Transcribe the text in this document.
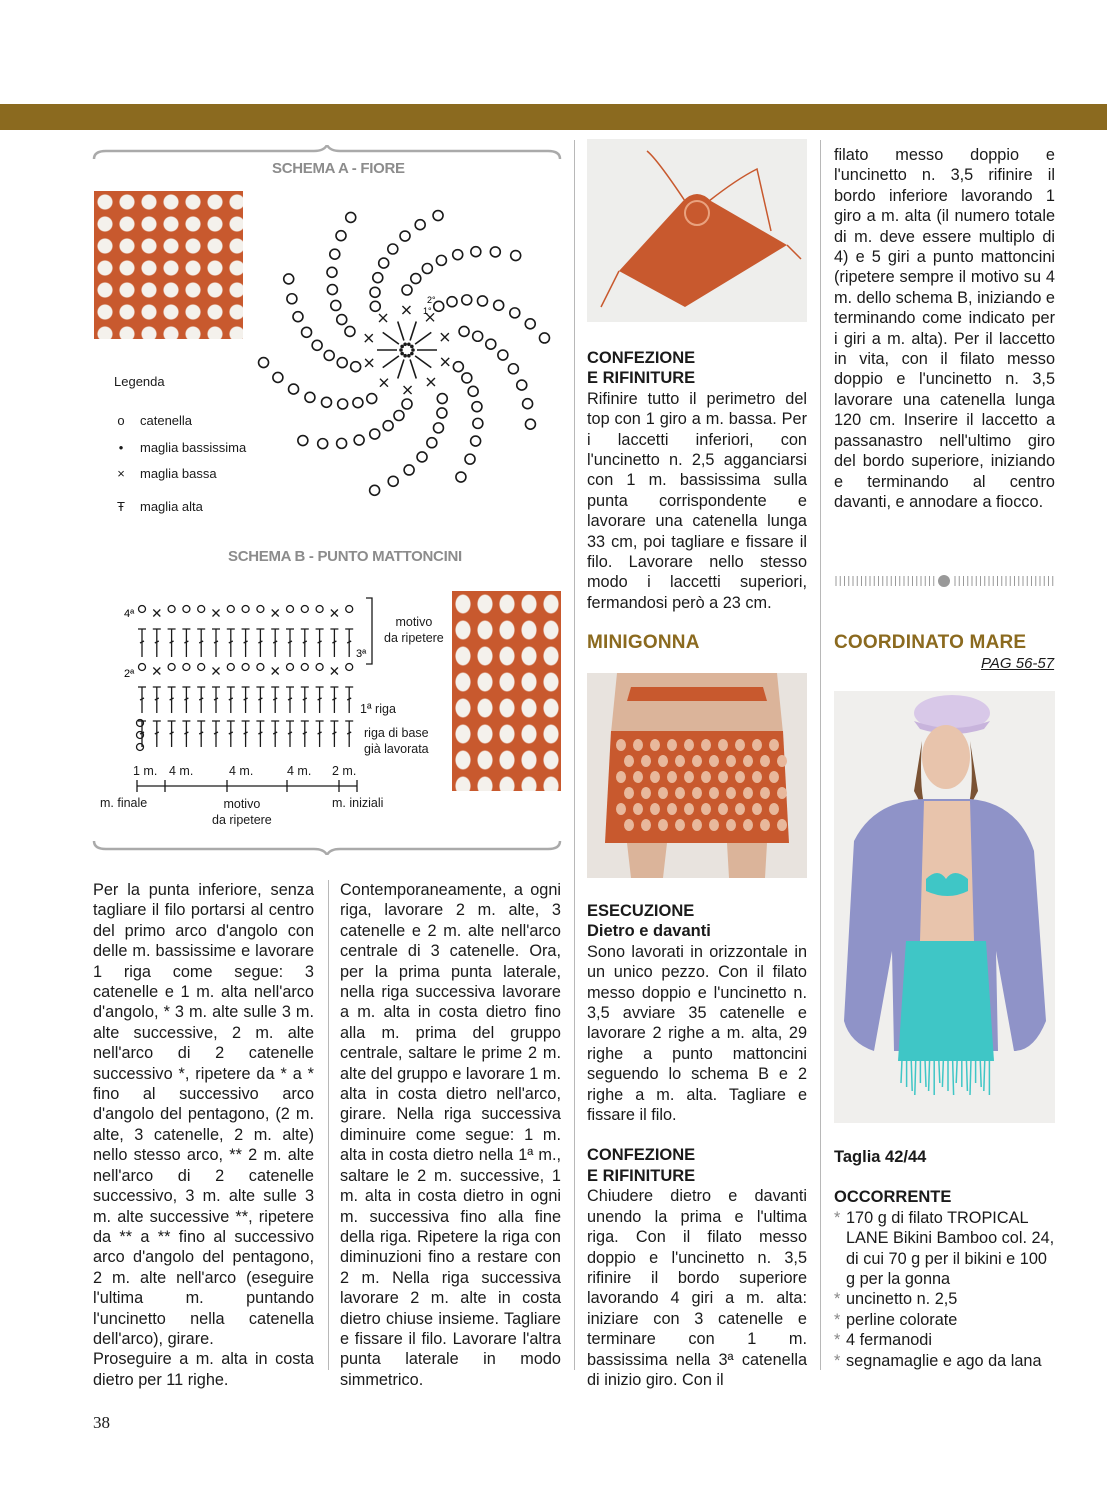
SCHEMA A - FIORE
2°
1°
Legenda
o catenella
•	maglia bassissima
× maglia bassa
Ŧ maglia alta
SCHEMA B - PUNTO MATTONCINI
4ª
2ª
3ª
motivo
da ripetere
1ª riga
riga di base
già lavorata
1 m. 4 m.	4 m.	4 m. 2 m.
m. finale	motivo
da ripetere
m. iniziali

Per la punta inferiore, senza tagliare il filo portarsi al centro del primo arco d'angolo con delle m. bassissime e lavorare 1 riga come segue: 3 catenelle e 1 m. alta nell'arco d'angolo, * 3 m. alte sulle 3 m. alte successive, 2 m. alte nell'arco di 2 catenelle successivo *, ripetere da * a * fino al successivo arco d'angolo del pentagono, (2 m. alte, 3 catenelle, 2 m. alte) nello stesso arco, ** 2 m. alte nell'arco di 2 catenelle successivo, 3 m. alte sulle 3 m. alte successive **, ripetere da ** a ** fino al successivo arco d'angolo del pentagono, 2 m. alte nell'arco (eseguire l'ultima m. puntando l'uncinetto nella catenella dell'arco), girare.

Proseguire a m. alta in costa dietro per 11 righe.

Contemporaneamente, a ogni riga, lavorare 2 m. alte, 3 catenelle e 2 m. alte nell'arco centrale di 3 catenelle. Ora, per la prima punta laterale, nella riga successiva lavorare a m. alta in costa dietro fino alla m. prima del gruppo centrale, saltare le prime 2 m. alte del gruppo e lavorare 1 m. alta in costa dietro nell'arco, girare. Nella riga successiva diminuire come segue: 1 m. alta in costa dietro nella 1ª m., saltare le 2 m. successive, 1 m. alta in costa dietro in ogni m. successiva fino alla fine della riga. Ripetere la riga con diminuzioni fino a restare con 2 m. Nella riga successiva lavorare 2 m. alte in costa dietro chiuse insieme. Tagliare e fissare il filo. Lavorare l'altra punta laterale in modo simmetrico.

CONFEZIONE
E RIFINITURE

Rifinire tutto il perimetro del top con 1 giro a m. bassa. Per i laccetti inferiori, con l'uncinetto n. 2,5 agganciarsi con 1 m. bassissima sulla punta corrispondente e lavorare una catenella lunga 33 cm, poi tagliare e fissare il filo. Lavorare nello stesso modo i laccetti superiori, fermandosi però a 23 cm.

MINIGONNA
ESECUZIONE
Dietro e davanti

Sono lavorati in orizzontale in un unico pezzo. Con il filato messo doppio e l'uncinetto n. 3,5 avviare 35 catenelle e lavorare 2 righe a m. alta, 29 righe a punto mattoncini seguendo lo schema B e 2 righe a m. alta. Tagliare e fissare il filo.

CONFEZIONE
E RIFINITURE

Chiudere dietro e davanti unendo la prima e l'ultima riga. Con il filato messo doppio e l'uncinetto n. 3,5 rifinire il bordo superiore lavorando 4 giri a m. alta: iniziare con 3 catenelle e terminare con 1 m. bassissima nella 3ª catenella di inizio giro. Con il

filato messo doppio e l'uncinetto n. 3,5 rifinire il bordo inferiore lavorando 1 giro a m. alta (il numero totale di m. deve essere multiplo di 4) e 5 giri a punto mattoncini (ripetere sempre il motivo su 4 m. dello schema B, iniziando e terminando come indicato per i giri a m. alta). Per il laccetto in vita, con il filato messo doppio e l'uncinetto n. 3,5 lavorare una catenella lunga 120 cm. Inserire il laccetto a passanastro nell'ultimo giro del bordo superiore, iniziando e terminando al centro davanti, e annodare a fiocco.

COORDINATO MARE
PAG 56-57
Taglia 42/44
OCCORRENTE
* 170 g di filato TROPICAL LANE Bikini Bamboo col. 24, di cui 70 g per il bikini e 100 g per la gonna
* uncinetto n. 2,5
* perline colorate
* 4 fermanodi
* segnamaglie e ago da lana
38
